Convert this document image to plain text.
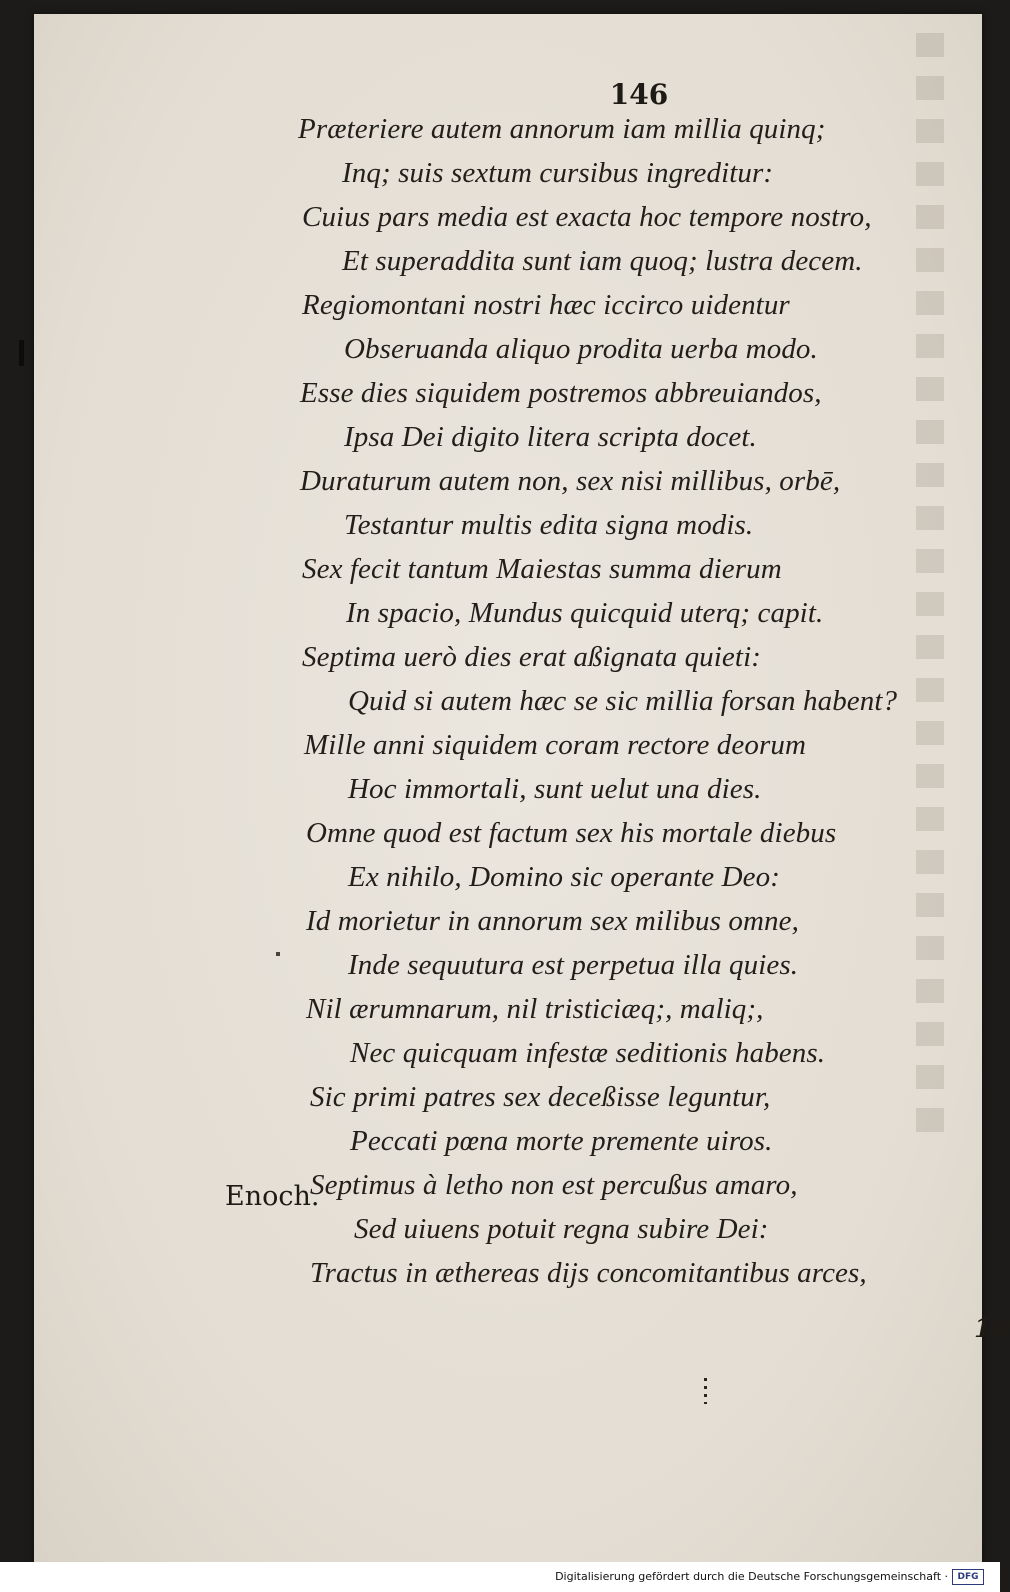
146
Præteriere autem annorum iam millia quinq;
Inq; suis sextum cursibus ingreditur:
Cuius pars media est exacta hoc tempore nostro,
Et superaddita sunt iam quoq; lustra decem.
Regiomontani nostri hæc iccirco uidentur
Obseruanda aliquo prodita uerba modo.
Esse dies siquidem postremos abbreuiandos,
Ipsa Dei digito litera scripta docet.
Duraturum autem non, sex nisi millibus, orbē,
Testantur multis edita signa modis.
Sex fecit tantum Maiestas summa dierum
In spacio, Mundus quicquid uterq; capit.
Septima uerò dies erat aßignata quieti:
Quid si autem hæc se sic millia forsan habent?
Mille anni siquidem coram rectore deorum
Hoc immortali, sunt uelut una dies.
Omne quod est factum sex his mortale diebus
Ex nihilo, Domino sic operante Deo:
Id morietur in annorum sex milibus omne,
Inde sequutura est perpetua illa quies.
Nil ærumnarum, nil tristiciæq;, maliq;,
Nec quicquam infestæ seditionis habens.
Sic primi patres sex deceßisse leguntur,
Peccati pœna morte premente uiros.
Septimus à letho non est percußus amaro,
Sed uiuens potuit regna subire Dei:
Tractus in æthereas dijs concomitantibus arces,
Enoch.
10
Digitalisierung gefördert durch die Deutsche Forschungsgemeinschaft ·	DFG
